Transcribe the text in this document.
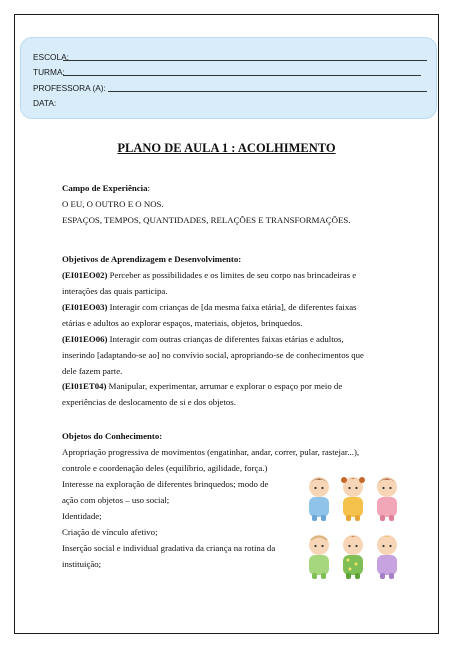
ESCOLA:
TURMA:
PROFESSORA (A):
DATA:
PLANO DE AULA 1 : ACOLHIMENTO
Campo de Experiência:
O EU, O OUTRO E O NOS.
ESPAÇOS, TEMPOS, QUANTIDADES, RELAÇÕES E TRANSFORMAÇÕES.
Objetivos de Aprendizagem e Desenvolvimento:
(EI01EO02) Perceber as possibilidades e os limites de seu corpo nas brincadeiras e
interações das quais participa.
(EI01EO03) Interagir com crianças de [da mesma faixa etária], de diferentes faixas
etárias e adultos ao explorar espaços, materiais, objetos, brinquedos.
(EI01EO06) Interagir com outras crianças de diferentes faixas etárias e adultos,
inserindo [adaptando-se ao] no convívio social, apropriando-se de conhecimentos que
dele fazem parte.
(EI01ET04) Manipular, experimentar, arrumar e explorar o espaço por meio de
experiências de deslocamento de si e dos objetos.
Objetos do Conhecimento:
Apropriação progressiva de movimentos (engatinhar, andar, correr, pular, rastejar...),
controle e coordenação deles (equilíbrio, agilidade, força.)
Interesse na exploração de diferentes brinquedos; modo de
ação com objetos – uso social;
Identidade;
Criação de vínculo afetivo;
Inserção social e individual gradativa da criança na rotina da
instituição;
